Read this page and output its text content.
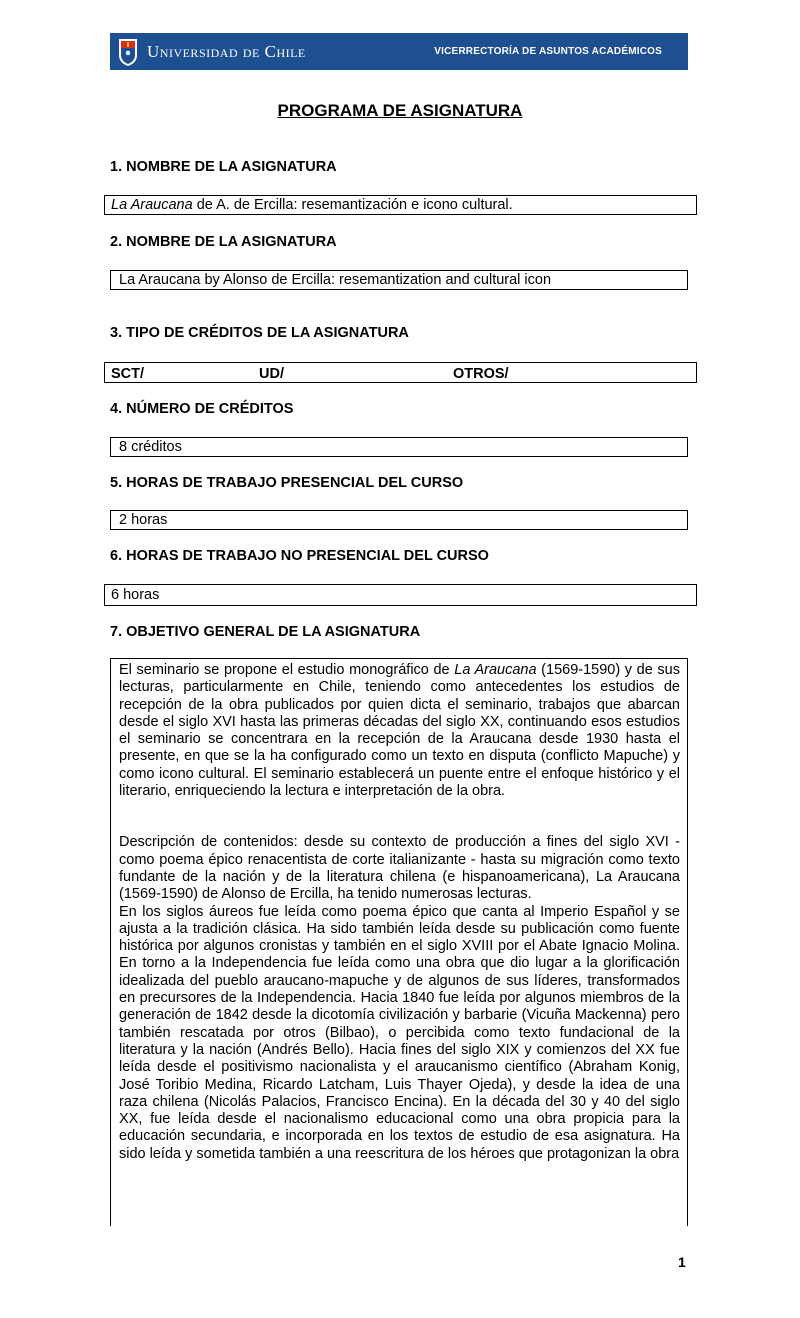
Universidad de Chile	VICERRECTORÍA DE ASUNTOS ACADÉMICOS
PROGRAMA DE ASIGNATURA
1. NOMBRE DE LA ASIGNATURA
La Araucana de A. de Ercilla: resemantización e icono cultural.
2. NOMBRE DE LA ASIGNATURA
La Araucana by Alonso de Ercilla: resemantization and cultural icon
3. TIPO DE CRÉDITOS DE LA ASIGNATURA
SCT/	UD/	OTROS/
4. NÚMERO DE CRÉDITOS
8 créditos
5. HORAS DE TRABAJO PRESENCIAL DEL CURSO
2 horas
6. HORAS DE TRABAJO NO PRESENCIAL DEL CURSO
6 horas
7. OBJETIVO GENERAL DE LA ASIGNATURA

El seminario se propone el estudio monográfico de La Araucana (1569-1590) y de sus lecturas, particularmente en Chile, teniendo como antecedentes los estudios de recepción de la obra publicados por quien dicta el seminario, trabajos que abarcan desde el siglo XVI hasta las primeras décadas del siglo XX, continuando esos estudios el seminario se concentrara en la recepción de la Araucana desde 1930 hasta el presente, en que se la ha configurado como un texto en disputa (conflicto Mapuche) y como icono cultural. El seminario establecerá un puente entre el enfoque histórico y el literario, enriqueciendo la lectura e interpretación de la obra.

Descripción de contenidos: desde su contexto de producción a fines del siglo XVI -como poema épico renacentista de corte italianizante - hasta su migración como texto fundante de la nación y de la literatura chilena (e hispanoamericana), La Araucana (1569-1590) de Alonso de Ercilla, ha tenido numerosas lecturas.

En los siglos áureos fue leída como poema épico que canta al Imperio Español y se ajusta a la tradición clásica. Ha sido también leída desde su publicación como fuente histórica por algunos cronistas y también en el siglo XVIII por el Abate Ignacio Molina. En torno a la Independencia fue leída como una obra que dio lugar a la glorificación idealizada del pueblo araucano-mapuche y de algunos de sus líderes, transformados en precursores de la Independencia. Hacia 1840 fue leída por algunos miembros de la generación de 1842 desde la dicotomía civilización y barbarie (Vicuña Mackenna) pero también rescatada por otros (Bilbao), o percibida como texto fundacional de la literatura y la nación (Andrés Bello). Hacia fines del siglo XIX y comienzos del XX fue leída desde el positivismo nacionalista y el araucanismo científico (Abraham Konig, José Toribio Medina, Ricardo Latcham, Luis Thayer Ojeda), y desde la idea de una raza chilena (Nicolás Palacios, Francisco Encina). En la década del 30 y 40 del siglo XX, fue leída desde el nacionalismo educacional como una obra propicia para la educación secundaria, e incorporada en los textos de estudio de esa asignatura. Ha sido leída y sometida también a una reescritura de los héroes que protagonizan la obra

1
